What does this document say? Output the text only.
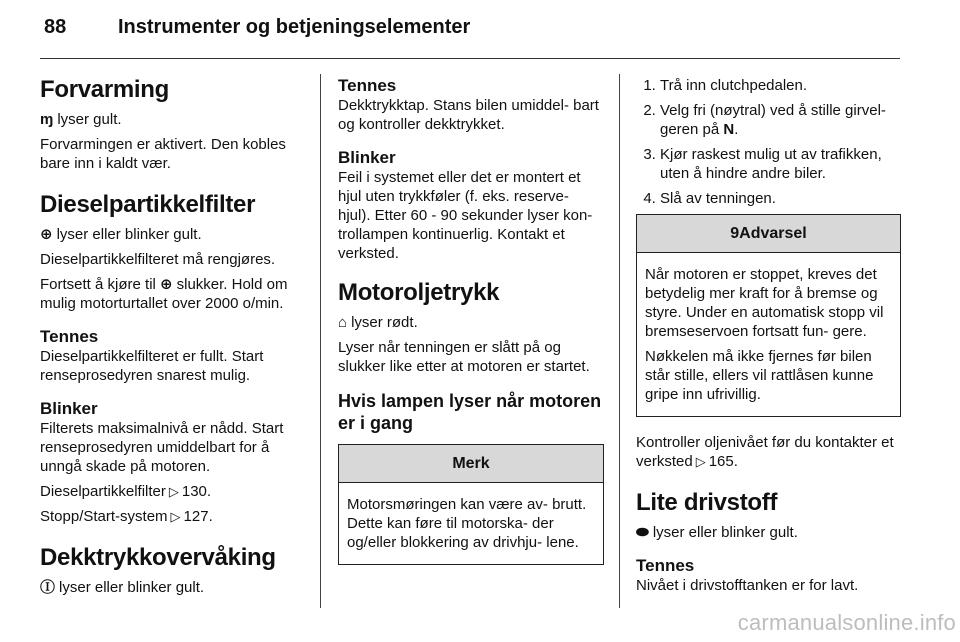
88	Instrumenter og betjeningselementer
Forvarming

ɱ lyser gult.

Forvarmingen er aktivert. Den kobles bare inn i kaldt vær.

Dieselpartikkelfilter

⊕ lyser eller blinker gult.

Dieselpartikkelfilteret må rengjøres.

Fortsett å kjøre til ⊕ slukker. Hold om mulig motorturtallet over 2000 o/min.

Tennes

Dieselpartikkelfilteret er fullt. Start renseprosedyren snarest mulig.

Blinker

Filterets maksimalnivå er nådd. Start renseprosedyren umiddelbart for å unngå skade på motoren.

Dieselpartikkelfilter ▷ 130.

Stopp/Start-system ▷ 127.

Dekktrykkovervåking

Ⓘ lyser eller blinker gult.

Tennes

Dekktrykktap. Stans bilen umiddel- bart og kontroller dekktrykket.

Blinker

Feil i systemet eller det er montert et hjul uten trykkføler (f. eks. reserve- hjul). Etter 60 - 90 sekunder lyser kon- trollampen kontinuerlig. Kontakt et verksted.

Motoroljetrykk

⌂ lyser rødt.

Lyser når tenningen er slått på og slukker like etter at motoren er startet.

Hvis lampen lyser når motoren er i gang
Merk

Motorsmøringen kan være av- brutt. Dette kan føre til motorska- der og/eller blokkering av drivhju- lene.

1. Trå inn clutchpedalen.
2. Velg fri (nøytral) ved å stille girvel- geren på N.
3. Kjør raskest mulig ut av trafikken, uten å hindre andre biler.
4. Slå av tenningen.
9Advarsel

Når motoren er stoppet, kreves det betydelig mer kraft for å bremse og styre. Under en automatisk stopp vil bremseservoen fortsatt fun- gere.

Nøkkelen må ikke fjernes før bilen står stille, ellers vil rattlåsen kunne gripe inn ufrivillig.

Kontroller oljenivået før du kontakter et verksted ▷ 165.

Lite drivstoff

⬬ lyser eller blinker gult.

Tennes

Nivået i drivstofftanken er for lavt.

carmanualsonline.info
